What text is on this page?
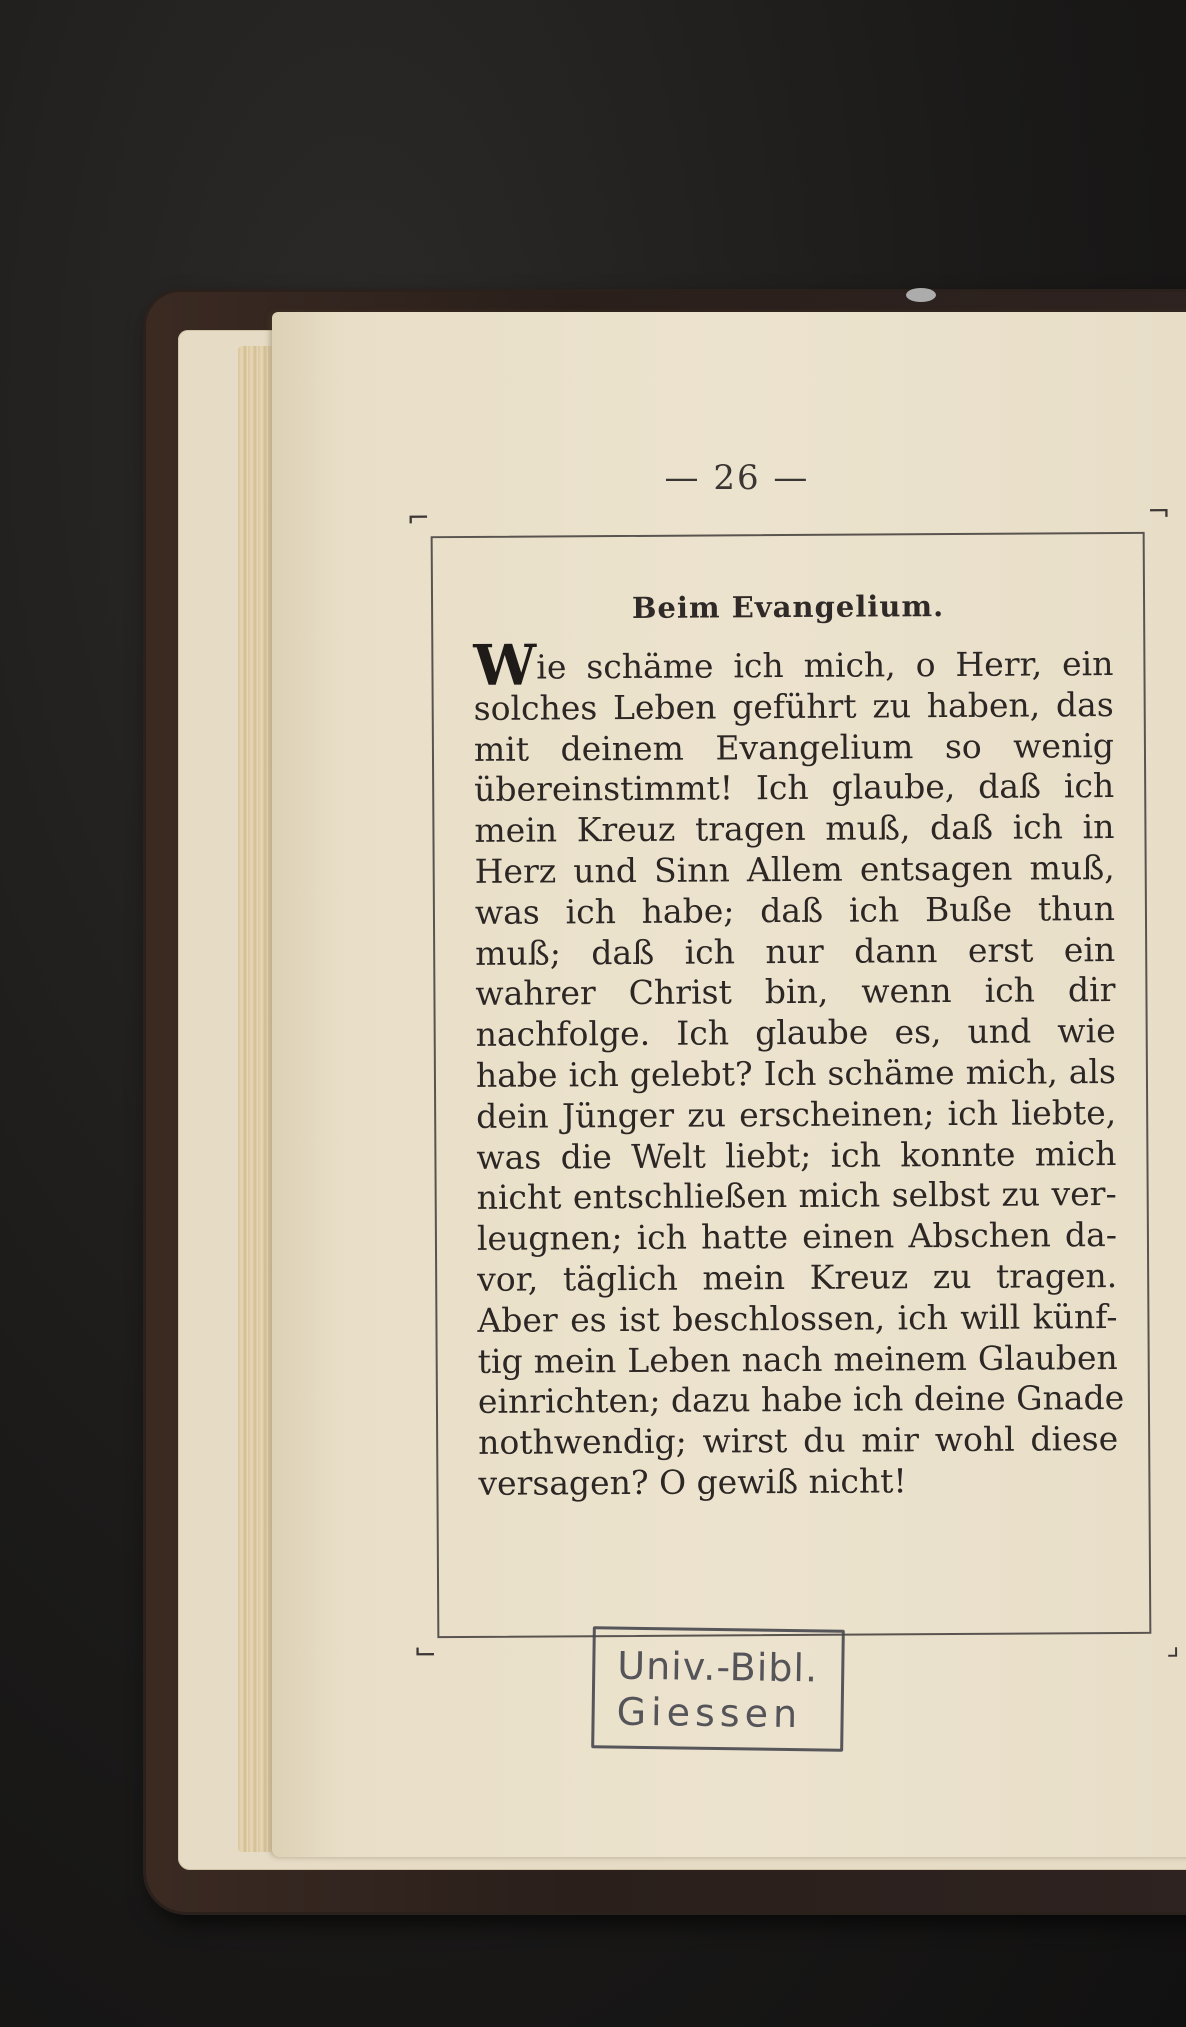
— 26 —
⌐	¬
⌙	⌟
Beim Evangelium.
Wie schäme ich mich, o Herr, ein
solches Leben geführt zu haben, das
mit deinem Evangelium so wenig
übereinstimmt! Ich glaube, daß ich
mein Kreuz tragen muß, daß ich in
Herz und Sinn Allem entsagen muß,
was ich habe; daß ich Buße thun
muß; daß ich nur dann erst ein
wahrer Christ bin, wenn ich dir
nachfolge. Ich glaube es, und wie
habe ich gelebt? Ich schäme mich, als
dein Jünger zu erscheinen; ich liebte,
was die Welt liebt; ich konnte mich
nicht entschließen mich selbst zu ver-
leugnen; ich hatte einen Abschen da-
vor, täglich mein Kreuz zu tragen.
Aber es ist beschlossen, ich will künf-
tig mein Leben nach meinem Glauben
einrichten; dazu habe ich deine Gnade
nothwendig; wirst du mir wohl diese
versagen? O gewiß nicht!
Univ.-Bibl.
Giessen
